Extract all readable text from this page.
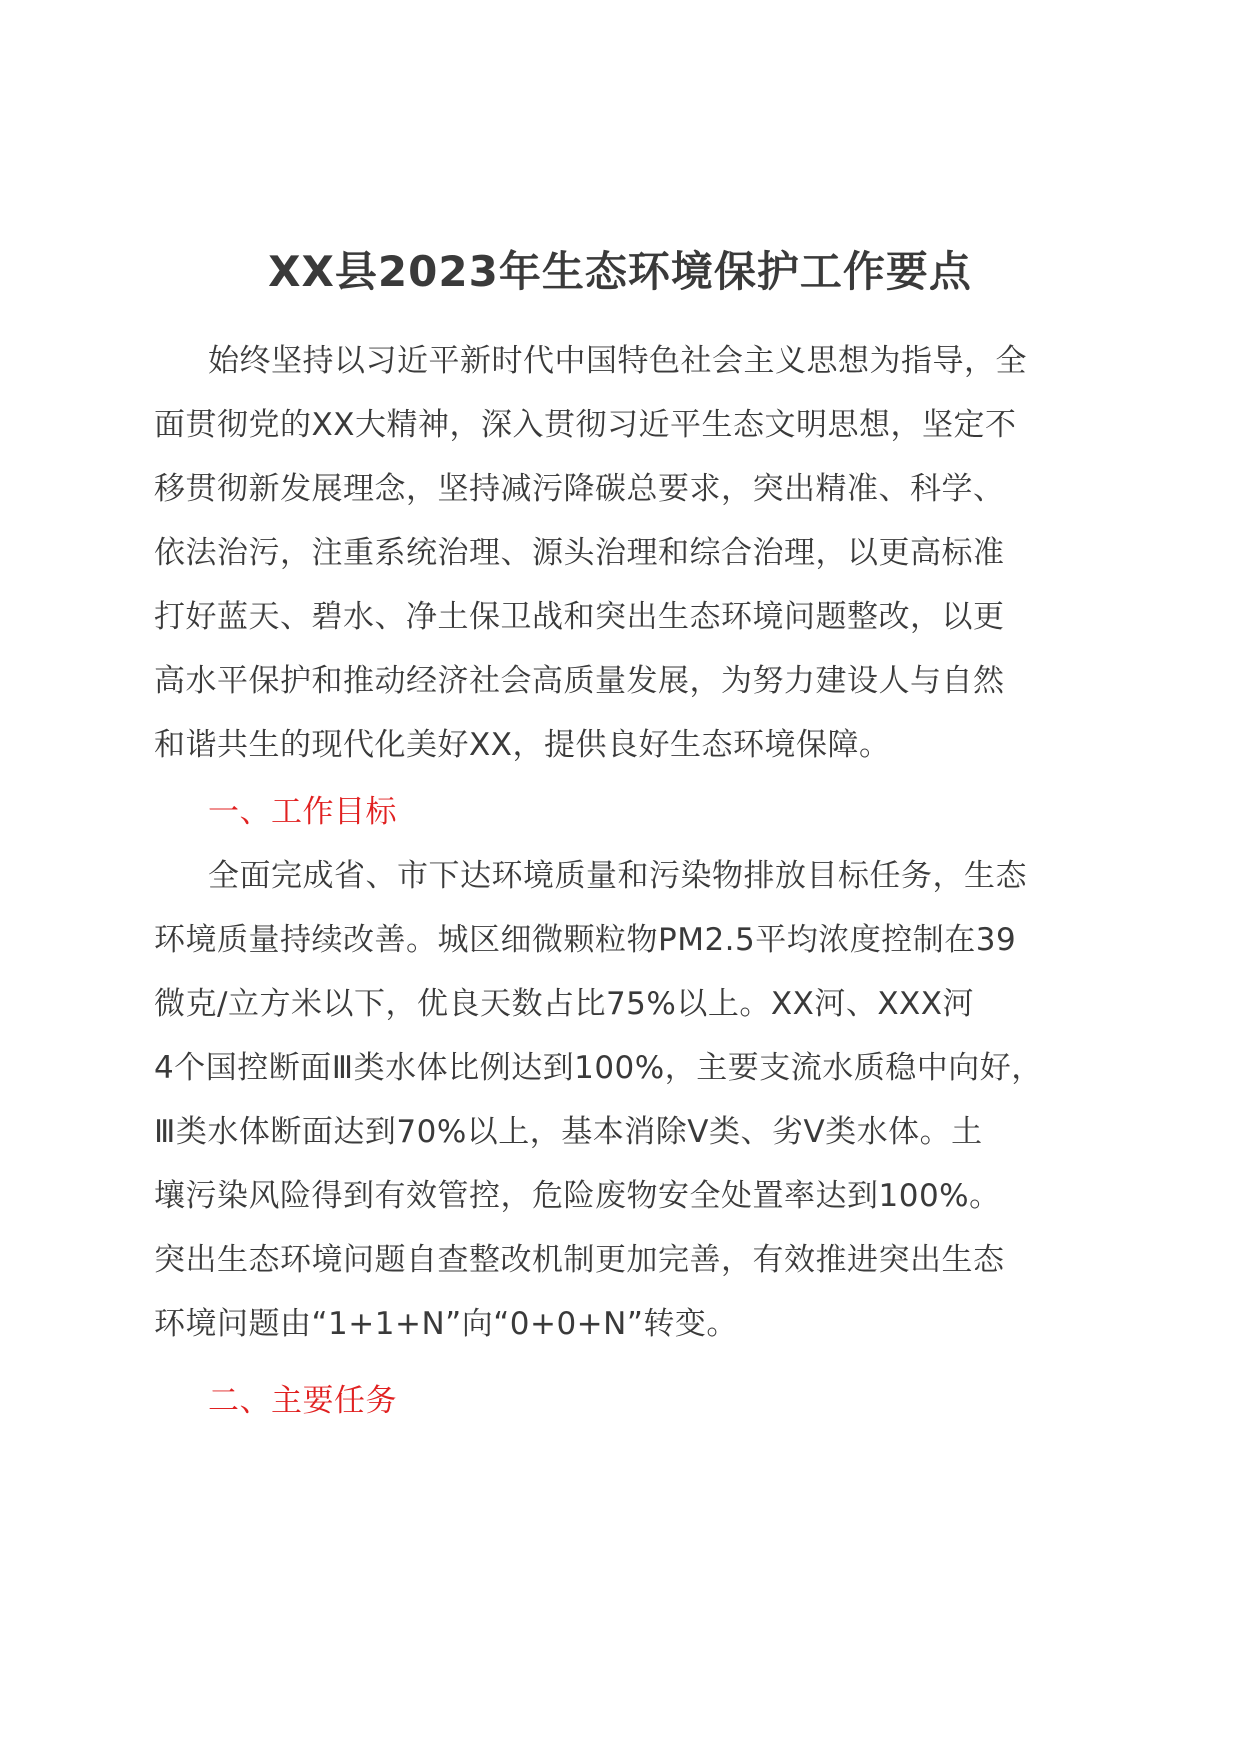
XX县2023年生态环境保护工作要点
始终坚持以习近平新时代中国特色社会主义思想为指导，全
面贯彻党的XX大精神，深入贯彻习近平生态文明思想，坚定不
移贯彻新发展理念，坚持减污降碳总要求，突出精准、科学、
依法治污，注重系统治理、源头治理和综合治理，以更高标准
打好蓝天、碧水、净土保卫战和突出生态环境问题整改，以更
高水平保护和推动经济社会高质量发展，为努力建设人与自然
和谐共生的现代化美好XX，提供良好生态环境保障。
一、工作目标
全面完成省、市下达环境质量和污染物排放目标任务，生态
环境质量持续改善。城区细微颗粒物PM2.5平均浓度控制在39
微克/立方米以下，优良天数占比75%以上。XX河、XXX河
4个国控断面Ⅲ类水体比例达到100%，主要支流水质稳中向好，
Ⅲ类水体断面达到70%以上，基本消除Ⅴ类、劣Ⅴ类水体。土
壤污染风险得到有效管控，危险废物安全处置率达到100%。
突出生态环境问题自查整改机制更加完善，有效推进突出生态
环境问题由“1+1+N”向“0+0+N”转变。
二、主要任务
